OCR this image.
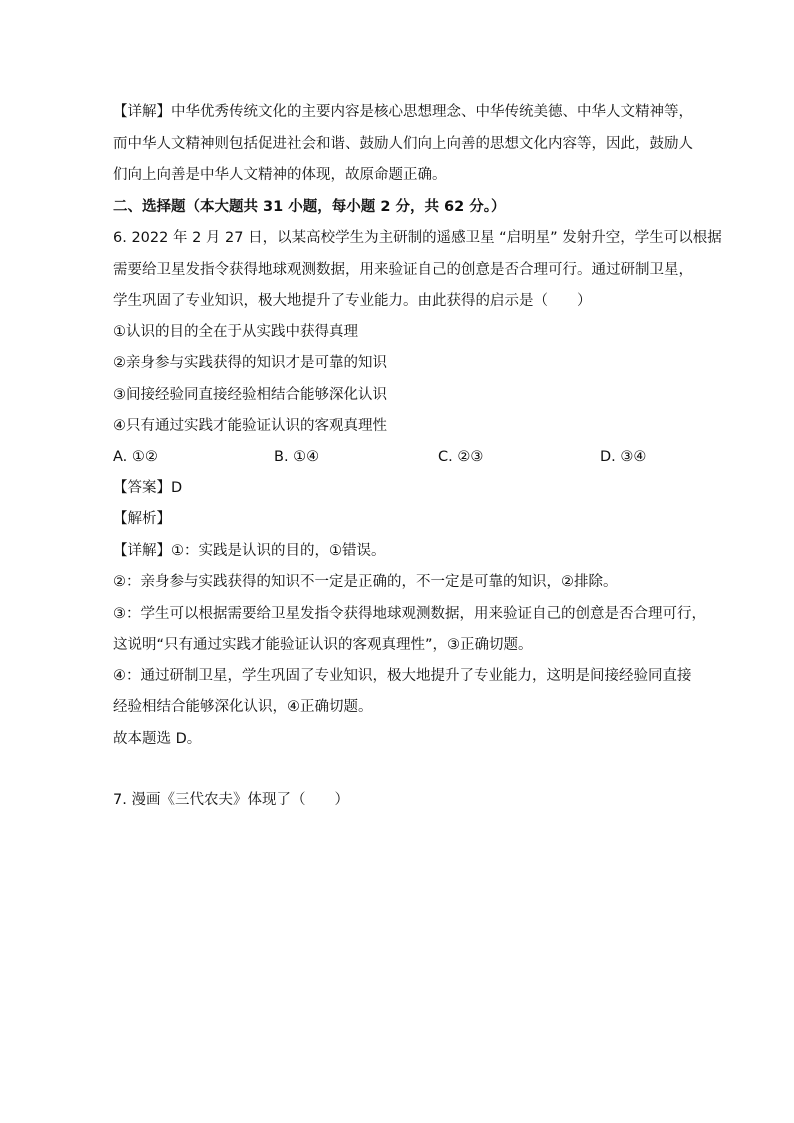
【详解】中华优秀传统文化的主要内容是核心思想理念、中华传统美德、中华人文精神等，
而中华人文精神则包括促进社会和谐、鼓励人们向上向善的思想文化内容等，因此，鼓励人
们向上向善是中华人文精神的体现，故原命题正确。
二、选择题（本大题共 31 小题，每小题 2 分，共 62 分。）
6. 2022 年 2 月 27 日，以某高校学生为主研制的遥感卫星 “启明星” 发射升空，学生可以根据
需要给卫星发指令获得地球观测数据，用来验证自己的创意是否合理可行。通过研制卫星，
学生巩固了专业知识，极大地提升了专业能力。由此获得的启示是（　　）
①认识的目的全在于从实践中获得真理
②亲身参与实践获得的知识才是可靠的知识
③间接经验同直接经验相结合能够深化认识
④只有通过实践才能验证认识的客观真理性
A. ①②	B. ①④	C. ②③	D. ③④
【答案】D
【解析】
【详解】①：实践是认识的目的，①错误。
②：亲身参与实践获得的知识不一定是正确的，不一定是可靠的知识，②排除。
③：学生可以根据需要给卫星发指令获得地球观测数据，用来验证自己的创意是否合理可行，
这说明“只有通过实践才能验证认识的客观真理性”，③正确切题。
④：通过研制卫星，学生巩固了专业知识，极大地提升了专业能力，这明是间接经验同直接
经验相结合能够深化认识，④正确切题。
故本题选 D。
7. 漫画《三代农夫》体现了（　　）
